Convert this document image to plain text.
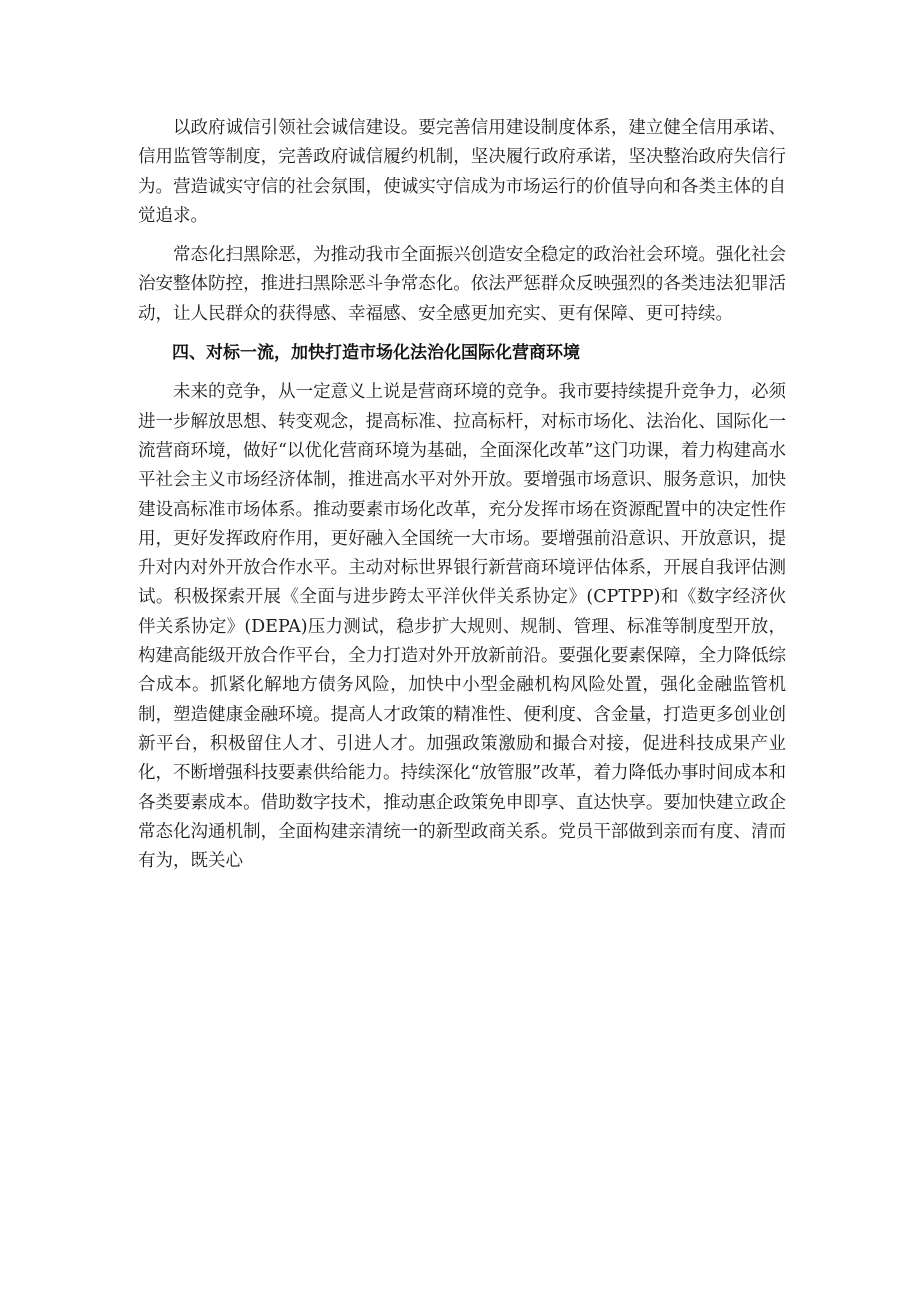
以政府诚信引领社会诚信建设。要完善信用建设制度体系，建立健全信用承诺、信用监管等制度，完善政府诚信履约机制，坚决履行政府承诺，坚决整治政府失信行为。营造诚实守信的社会氛围，使诚实守信成为市场运行的价值导向和各类主体的自觉追求。

常态化扫黑除恶，为推动我市全面振兴创造安全稳定的政治社会环境。强化社会治安整体防控，推进扫黑除恶斗争常态化。依法严惩群众反映强烈的各类违法犯罪活动，让人民群众的获得感、幸福感、安全感更加充实、更有保障、更可持续。

四、对标一流，加快打造市场化法治化国际化营商环境

未来的竞争，从一定意义上说是营商环境的竞争。我市要持续提升竞争力，必须进一步解放思想、转变观念，提高标准、拉高标杆，对标市场化、法治化、国际化一流营商环境，做好“以优化营商环境为基础，全面深化改革”这门功课，着力构建高水平社会主义市场经济体制，推进高水平对外开放。要增强市场意识、服务意识，加快建设高标准市场体系。推动要素市场化改革，充分发挥市场在资源配置中的决定性作用，更好发挥政府作用，更好融入全国统一大市场。要增强前沿意识、开放意识，提升对内对外开放合作水平。主动对标世界银行新营商环境评估体系，开展自我评估测试。积极探索开展《全面与进步跨太平洋伙伴关系协定》(CPTPP)和《数字经济伙伴关系协定》(DEPA)压力测试，稳步扩大规则、规制、管理、标准等制度型开放，构建高能级开放合作平台，全力打造对外开放新前沿。要强化要素保障，全力降低综合成本。抓紧化解地方债务风险，加快中小型金融机构风险处置，强化金融监管机制，塑造健康金融环境。提高人才政策的精准性、便利度、含金量，打造更多创业创新平台，积极留住人才、引进人才。加强政策激励和撮合对接，促进科技成果产业化，不断增强科技要素供给能力。持续深化“放管服”改革，着力降低办事时间成本和各类要素成本。借助数字技术，推动惠企政策免申即享、直达快享。要加快建立政企常态化沟通机制，全面构建亲清统一的新型政商关系。党员干部做到亲而有度、清而有为，既关心
